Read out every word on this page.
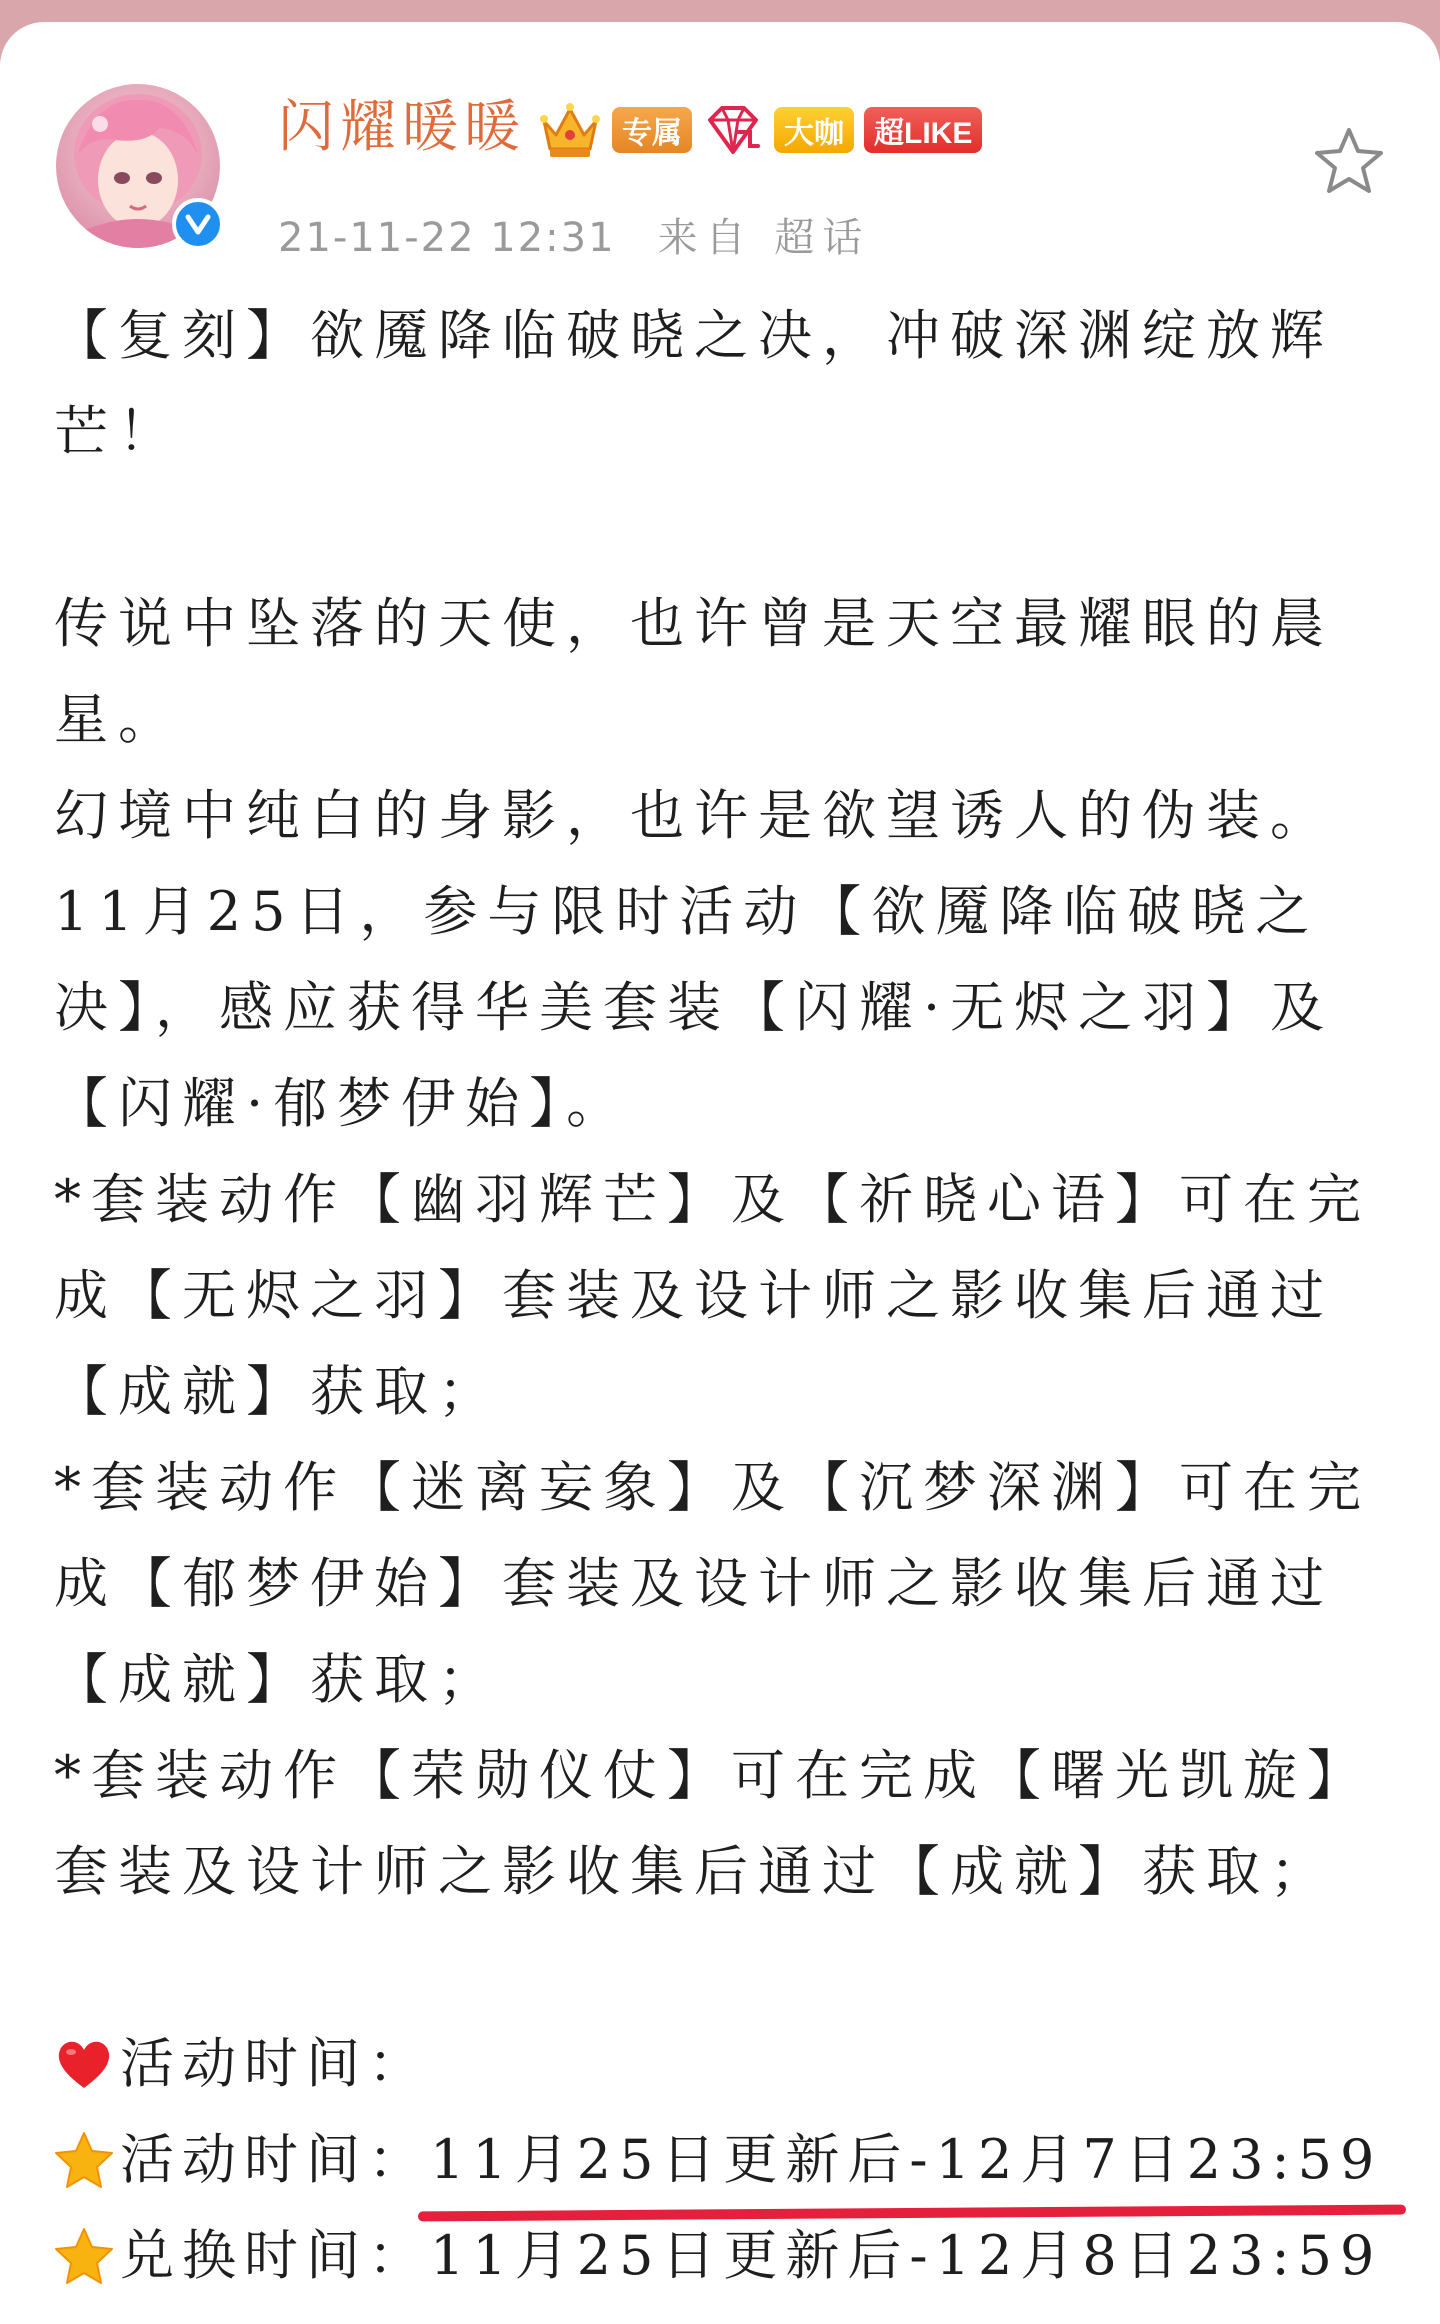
闪耀暖暖	专属	大咖	超LIKE
21-11-22 12:31 来自 超话

【复刻】欲魇降临破晓之决，冲破深渊绽放辉芒！

传说中坠落的天使，也许曾是天空最耀眼的晨星。

幻境中纯白的身影，也许是欲望诱人的伪装。

11月25日，参与限时活动【欲魇降临破晓之决】，感应获得华美套装【闪耀·无烬之羽】及【闪耀·郁梦伊始】。

*套装动作【幽羽辉芒】及【祈晓心语】可在完成【无烬之羽】套装及设计师之影收集后通过【成就】获取；

*套装动作【迷离妄象】及【沉梦深渊】可在完成【郁梦伊始】套装及设计师之影收集后通过【成就】获取；

*套装动作【荣勋仪仗】可在完成【曙光凯旋】套装及设计师之影收集后通过【成就】获取；

活动时间：
活动时间： 11月25日更新后-12月7日23:59
兑换时间： 11月25日更新后-12月8日23:59
